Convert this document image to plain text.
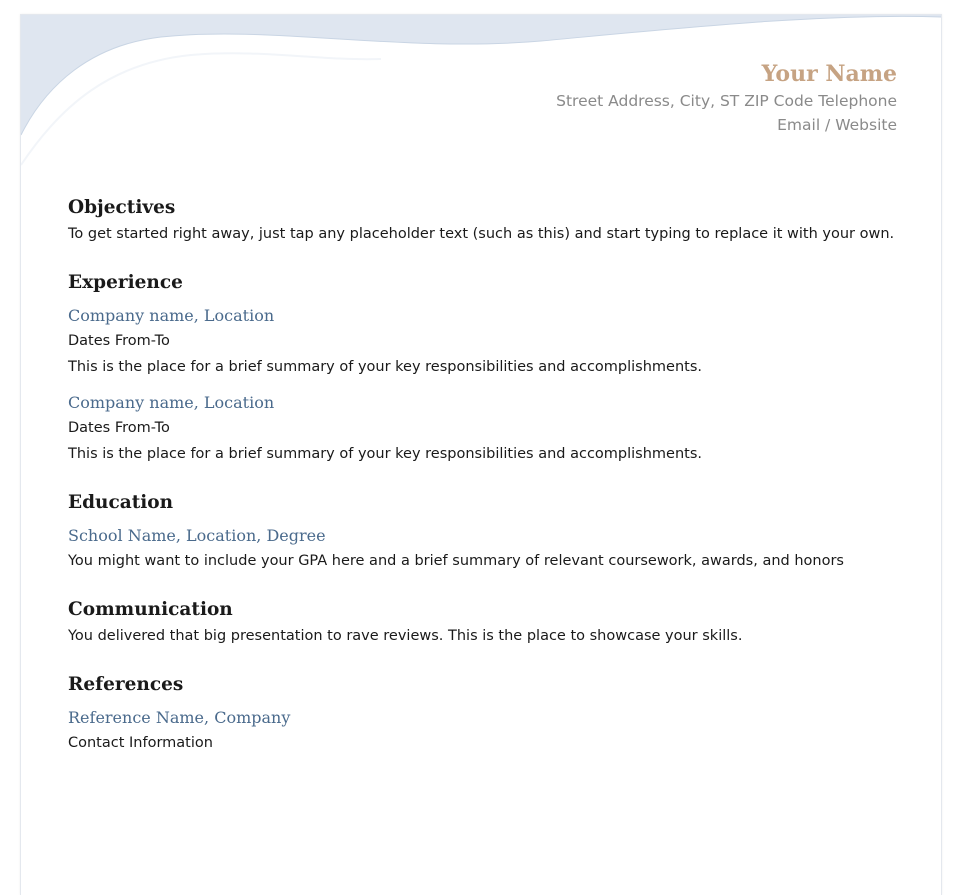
Your Name
Street Address, City, ST ZIP Code Telephone
Email / Website
Objectives
To get started right away, just tap any placeholder text (such as this) and start typing to replace it with your own.
Experience
Company name, Location
Dates From-To
This is the place for a brief summary of your key responsibilities and accomplishments.
Company name, Location
Dates From-To
This is the place for a brief summary of your key responsibilities and accomplishments.
Education
School Name, Location, Degree
You might want to include your GPA here and a brief summary of relevant coursework, awards, and honors
Communication
You delivered that big presentation to rave reviews. This is the place to showcase your skills.
References
Reference Name, Company
Contact Information
